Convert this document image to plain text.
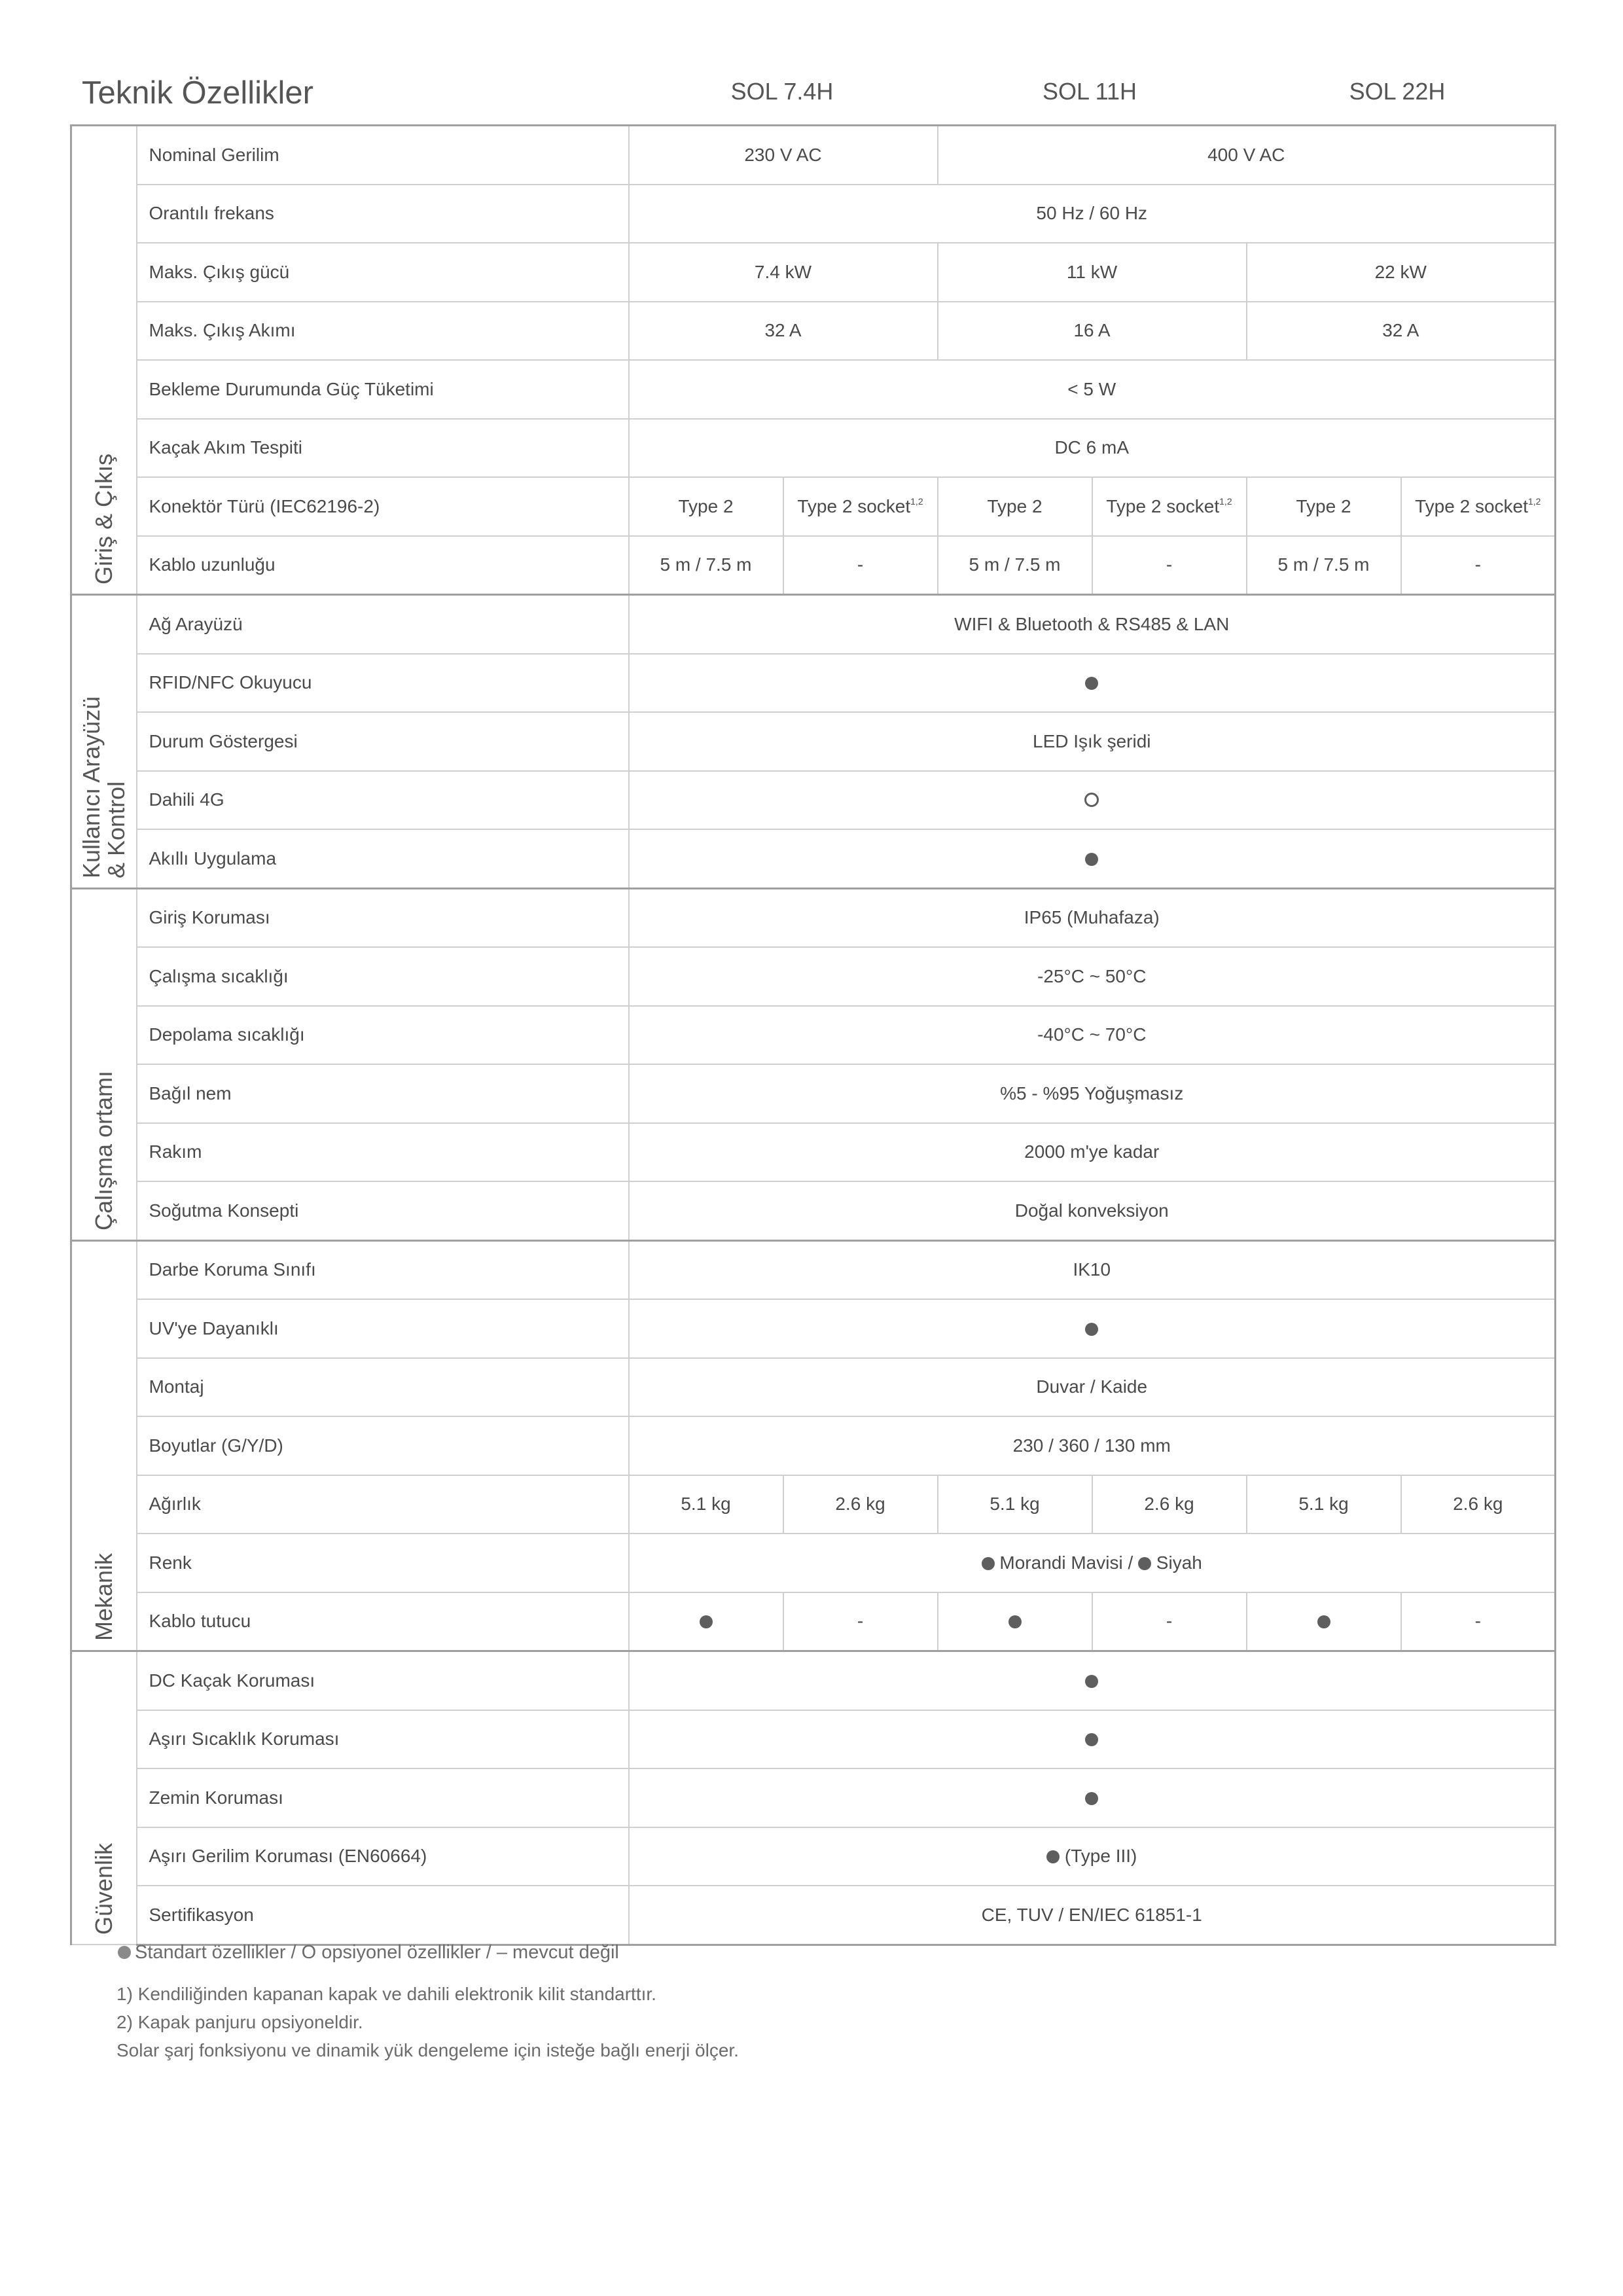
Teknik Özellikler	SOL 7.4H	SOL 11H	SOL 22H
Giriş & Çıkış	Nominal Gerilim	230 V AC		400 V AC			
	Orantılı frekans	50 Hz / 60 Hz					
	Maks. Çıkış gücü	7.4 kW		11 kW		22 kW	
	Maks. Çıkış Akımı	32 A		16 A		32 A	
	Bekleme Durumunda Güç Tüketimi	< 5 W					
	Kaçak Akım Tespiti	DC 6 mA					
	Konektör Türü (IEC62196-2)	Type 2	Type 2 socket$^{1,2}$	Type 2	Type 2 socket$^{1,2}$	Type 2	Type 2 socket$^{1,2}$
	Kablo uzunluğu	5 m / 7.5 m	-	5 m / 7.5 m	-	5 m / 7.5 m	-

Kullanıcı Arayüzü
& Kontrol	Ağ Arayüzü	WIFI & Bluetooth & RS485 & LAN					
	RFID/NFC Okuyucu						
	Durum Göstergesi	LED Işık şeridi					
	Dahili 4G						
	Akıllı Uygulama						

Çalışma ortamı	Giriş Koruması	IP65 (Muhafaza)					
	Çalışma sıcaklığı	-25°C ~ 50°C					
	Depolama sıcaklığı	-40°C ~ 70°C					
	Bağıl nem	%5 - %95 Yoğuşmasız					
	Rakım	2000 m'ye kadar					
	Soğutma Konsepti	Doğal konveksiyon					

Mekanik	Darbe Koruma Sınıfı	IK10					
	UV'ye Dayanıklı						
	Montaj	Duvar / Kaide					
	Boyutlar (G/Y/D)	230 / 360 / 130 mm					
	Ağırlık	5.1 kg	2.6 kg	5.1 kg	2.6 kg	5.1 kg	2.6 kg
	Renk	Morandi Mavisi /  Siyah					
	Kablo tutucu		-		-		-

Güvenlik	DC Kaçak Koruması						
	Aşırı Sıcaklık Koruması						
	Zemin Koruması						
	Aşırı Gerilim Koruması (EN60664)	(Type III)					
	Sertifikasyon	CE, TUV / EN/IEC 61851-1					
Standart özellikler / O opsiyonel özellikler / – mevcut değil
1) Kendiliğinden kapanan kapak ve dahili elektronik kilit standarttır.
2) Kapak panjuru opsiyoneldir.
Solar şarj fonksiyonu ve dinamik yük dengeleme için isteğe bağlı enerji ölçer.
